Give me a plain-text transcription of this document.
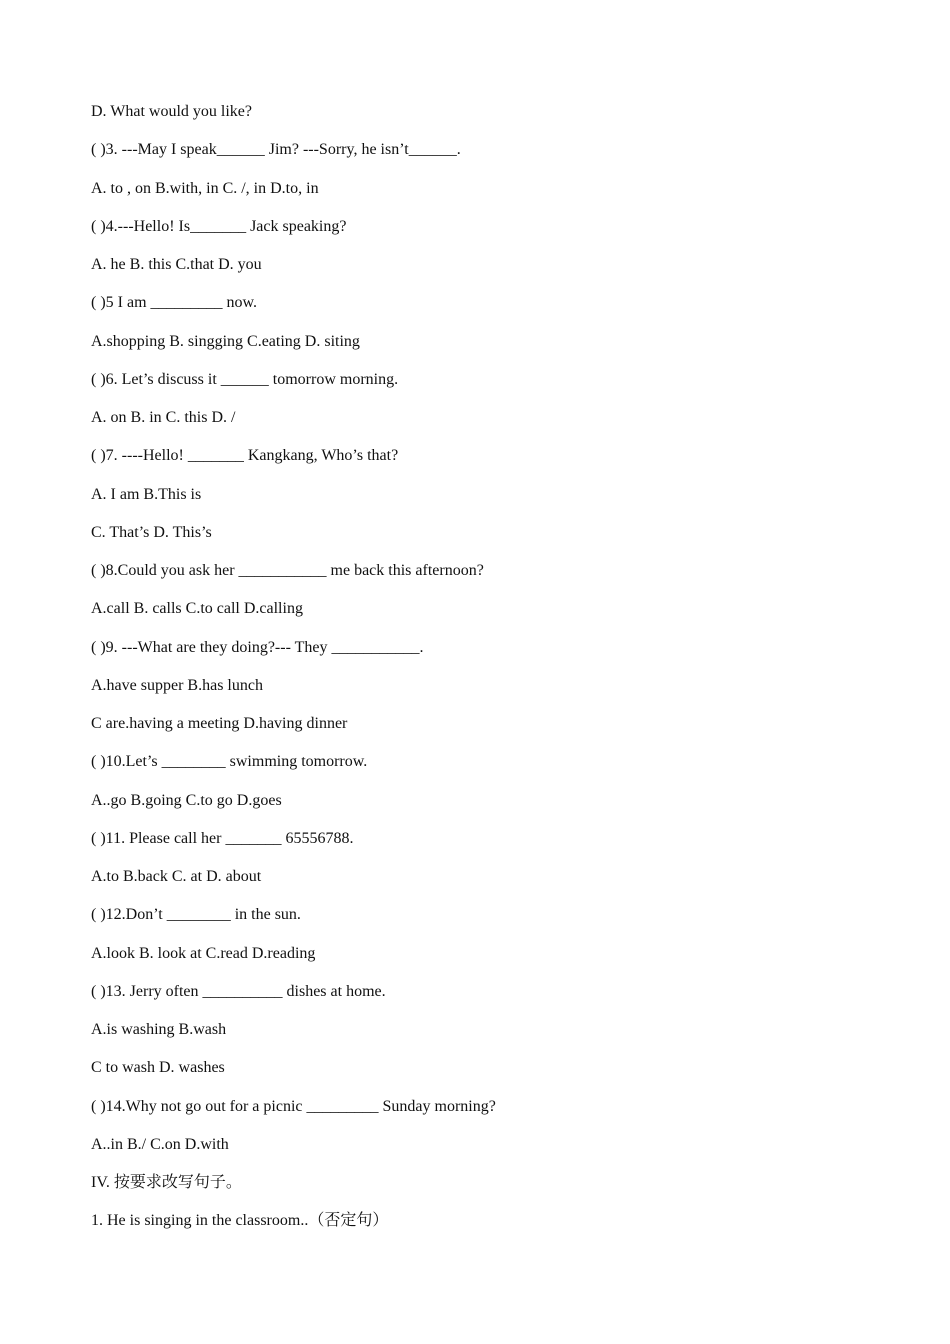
D. What would you like?
( )3. ---May I speak______ Jim? ---Sorry, he isn’t______.
A. to , on B.with, in C. /, in D.to, in
( )4.---Hello! Is_______ Jack speaking?
A. he B. this C.that D. you
( )5 I am _________ now.
A.shopping B. singging C.eating D. siting
( )6. Let’s discuss it ______ tomorrow morning.
A. on B. in C. this D. /
( )7. ----Hello! _______ Kangkang, Who’s that?
A. I am B.This is
C. That’s D. This’s
( )8.Could you ask her ___________ me back this afternoon?
A.call B. calls C.to call D.calling
( )9. ---What are they doing?--- They ___________.
A.have supper B.has lunch
C are.having a meeting D.having dinner
( )10.Let’s ________ swimming tomorrow.
A..go B.going C.to go D.goes
( )11. Please call her _______ 65556788.
A.to B.back C. at D. about
( )12.Don’t ________ in the sun.
A.look B. look at C.read D.reading
( )13. Jerry often __________ dishes at home.
A.is washing B.wash
C to wash D. washes
( )14.Why not go out for a picnic _________ Sunday morning?
A..in B./ C.on D.with
IV. 按要求改写句子。
1. He is singing in the classroom..（否定句）
